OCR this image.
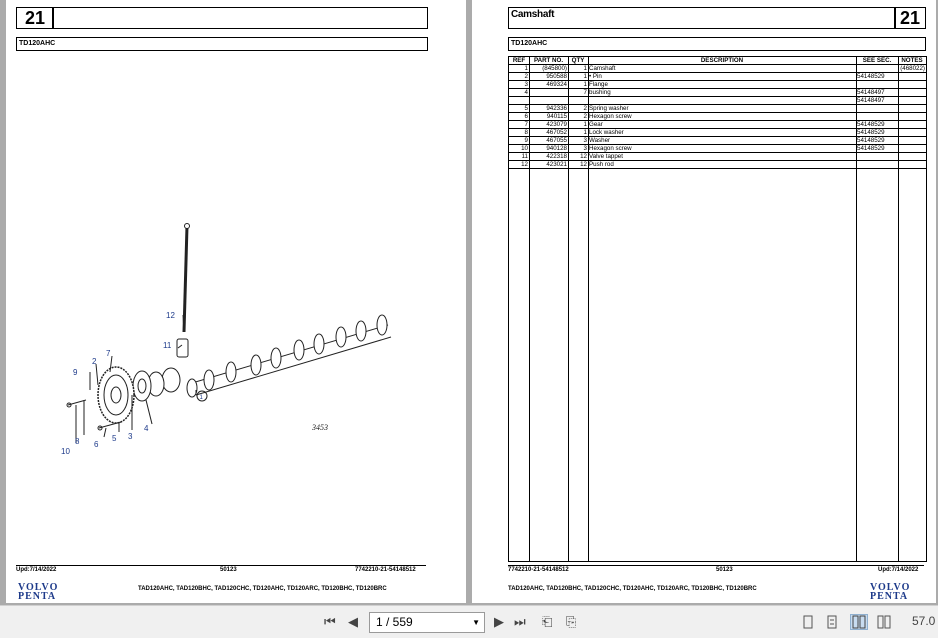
21
TD120AHC
1
2
3
4
5
6
7
8
9
10
11
12
3453
Upd:7/14/2022	50123	7742210-21-54148512
TAD120AHC, TAD120BHC, TAD120CHC, TD120AHC, TD120ARC, TD120BHC, TD120BRC
VOLVO
PENTA
Camshaft	21
TD120AHC
REF	PART NO.	QTY	DESCRIPTION	SEE SEC.	NOTES
1	(845800)	1	Camshaft		(468022)
2	950588	1	• Pin	54148529	
3	469324	1	Flange		
4		7	bushing	54148497	
				54148497	
5	942336	2	Spring washer		
6	940115	2	Hexagon screw		
7	423079	1	Gear	54148529	
8	467052	1	Lock washer	54148529	
9	467055	3	Washer	54148529	
10	940128	3	Hexagon screw	54148529	
11	422318	12	Valve tappet		
12	423021	12	Push rod		
7742210-21-54148512	50123	Upd:7/14/2022
TAD120AHC, TAD120BHC, TAD120CHC, TD120AHC, TD120ARC, TD120BHC, TD120BRC	VOLVO
PENTA
⏮ ◀	1 / 559	▼ ▶ ⏭ ⎗ ⎘	57.0
